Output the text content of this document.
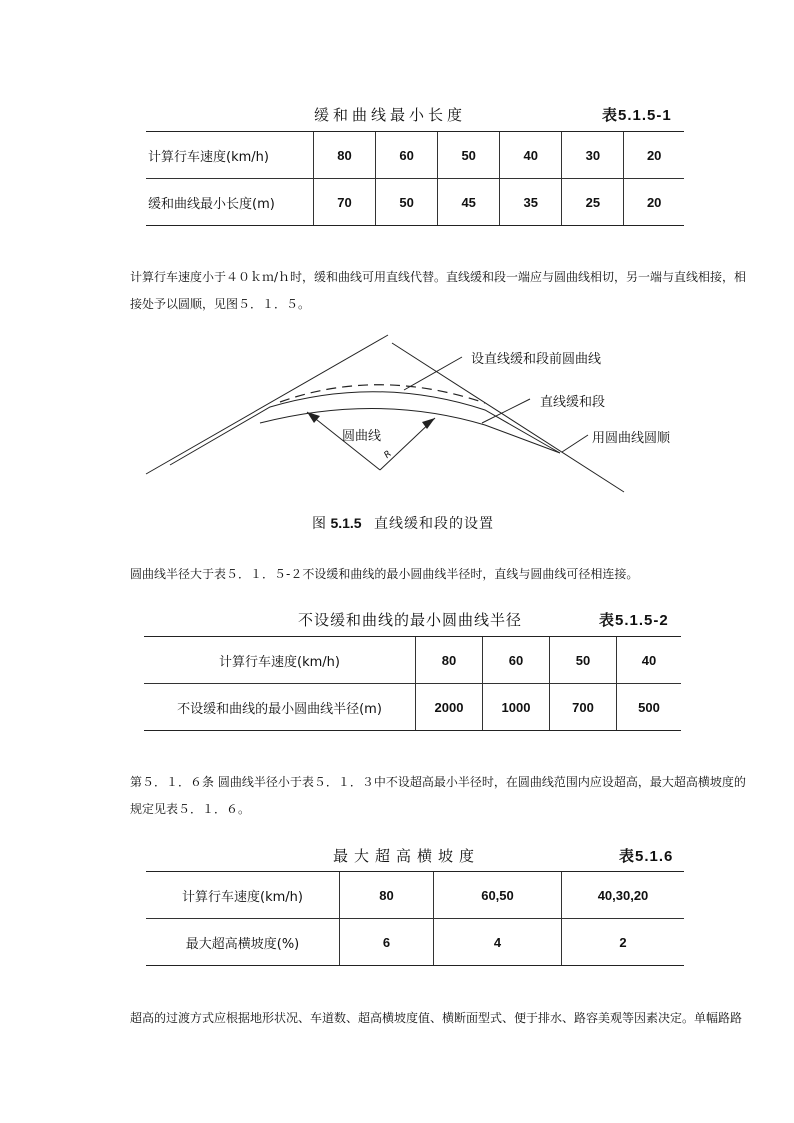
缓和曲线最小长度	表5.1.5-1
计算行车速度(km/h)	80	60	50	40	30	20
缓和曲线最小长度(m)	70	50	45	35	25	20
计算行车速度小于４０ｋｍ/ｈ时，缓和曲线可用直线代替。直线缓和段一端应与圆曲线相切，另一端与直线相接，相接处予以圆顺，见图５．１．５。
设直线缓和段前圆曲线
直线缓和段
用圆曲线圆顺
圆曲线
R
图 5.1.5 直线缓和段的设置
圆曲线半径大于表５．１．５-２不设缓和曲线的最小圆曲线半径时，直线与圆曲线可径相连接。
不设缓和曲线的最小圆曲线半径	表5.1.5-2
计算行车速度(km/h)	80	60	50	40
不设缓和曲线的最小圆曲线半径(m)	2000	1000	700	500
第５．１．６条 圆曲线半径小于表５．１．３中不设超高最小半径时，在圆曲线范围内应设超高，最大超高横坡度的规定见表５．１．６。
最大超高横坡度	表5.1.6
计算行车速度(km/h)	80	60,50	40,30,20
最大超高横坡度(%)	6	4	2
超高的过渡方式应根据地形状况、车道数、超高横坡度值、横断面型式、便于排水、路容美观等因素决定。单幅路路
